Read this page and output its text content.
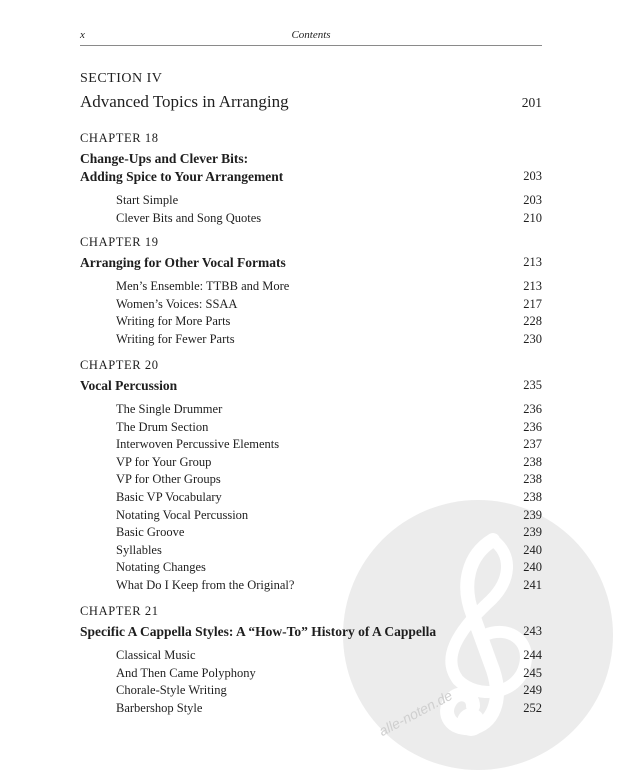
alle-noten.de
x	Contents
SECTION IV
Advanced Topics in Arranging	201
CHAPTER 18
Change-Ups and Clever Bits:
Adding Spice to Your Arrangement	203
Start Simple	203
Clever Bits and Song Quotes	210
CHAPTER 19
Arranging for Other Vocal Formats	213
Men’s Ensemble: TTBB and More	213
Women’s Voices: SSAA	217
Writing for More Parts	228
Writing for Fewer Parts	230
CHAPTER 20
Vocal Percussion	235
The Single Drummer	236
The Drum Section	236
Interwoven Percussive Elements	237
VP for Your Group	238
VP for Other Groups	238
Basic VP Vocabulary	238
Notating Vocal Percussion	239
Basic Groove	239
Syllables	240
Notating Changes	240
What Do I Keep from the Original?	241
CHAPTER 21
Specific A Cappella Styles: A “How-To” History of A Cappella	243
Classical Music	244
And Then Came Polyphony	245
Chorale-Style Writing	249
Barbershop Style	252
